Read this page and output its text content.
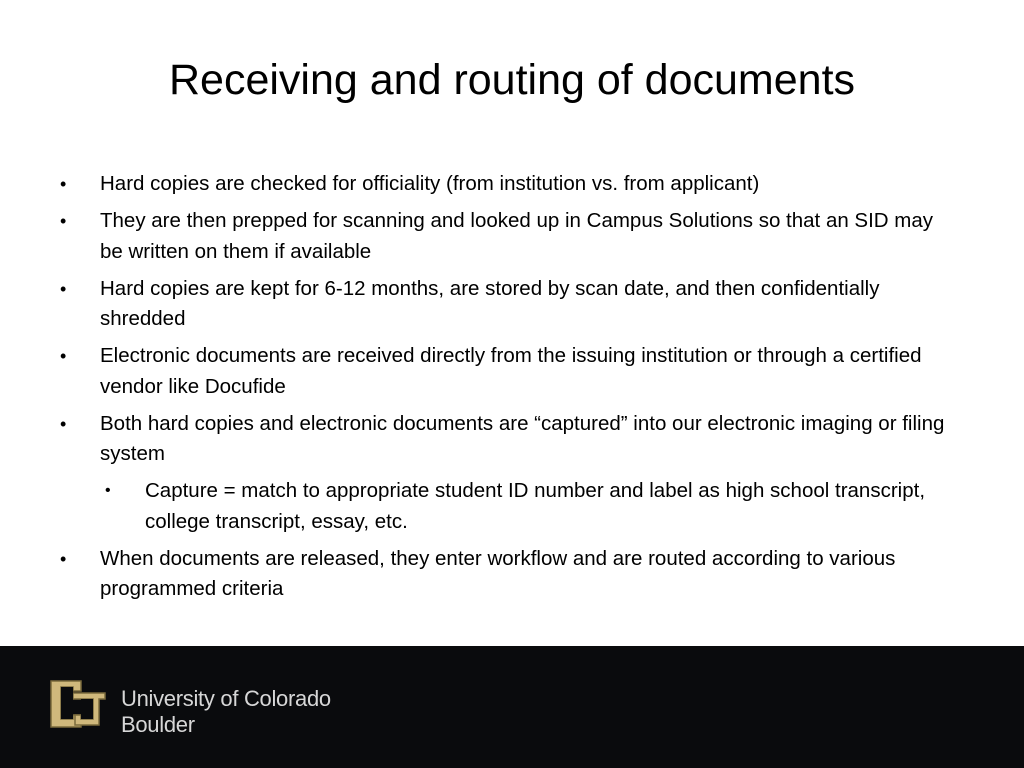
Receiving and routing of documents
•	Hard copies are checked for officiality (from institution vs. from applicant)
•	They are then prepped for scanning and looked up in Campus Solutions so that an SID may be written on them if available
•	Hard copies are kept for 6-12 months, are stored by scan date, and then confidentially shredded
•	Electronic documents are received directly from the issuing institution or through a certified vendor like Docufide
•	Both hard copies and electronic documents are “captured” into our electronic imaging or filing system
•	Capture = match to appropriate student ID number and label as high school transcript, college transcript, essay, etc.
•	When documents are released, they enter workflow and are routed according to various programmed criteria
University of Colorado
Boulder
